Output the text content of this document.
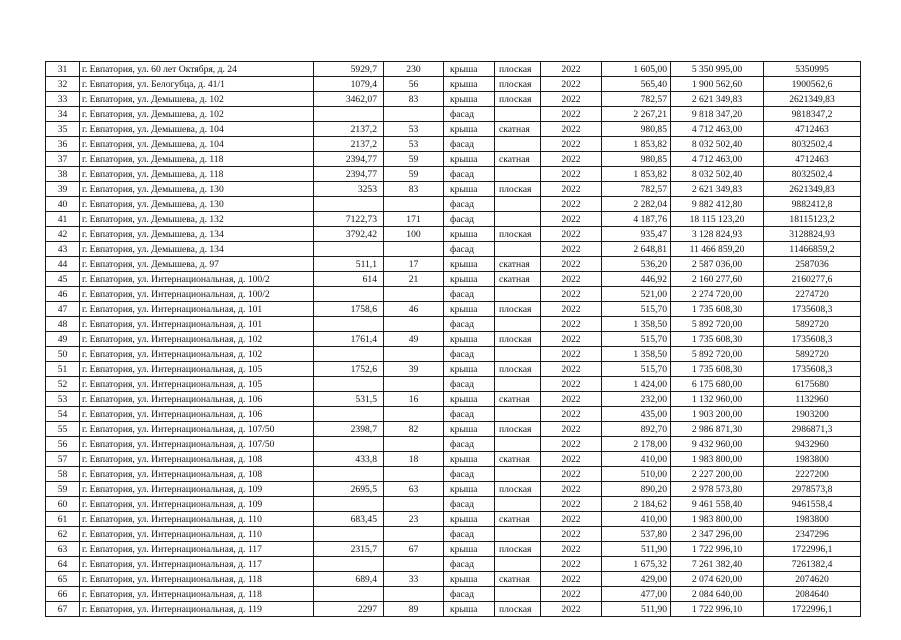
31	г. Евпатория, ул. 60 лет Октября, д. 24	5929,7	230	крыша	плоская	2022	1 605,00	5 350 995,00	5350995
32	г. Евпатория, ул. Белогубца, д. 41/1	1079,4	56	крыша	плоская	2022	565,40	1 900 562,60	1900562,6
33	г. Евпатория, ул. Демышева, д. 102	3462,07	83	крыша	плоская	2022	782,57	2 621 349,83	2621349,83
34	г. Евпатория, ул. Демышева, д. 102			фасад		2022	2 267,21	9 818 347,20	9818347,2
35	г. Евпатория, ул. Демышева, д. 104	2137,2	53	крыша	скатная	2022	980,85	4 712 463,00	4712463
36	г. Евпатория, ул. Демышева, д. 104	2137,2	53	фасад		2022	1 853,82	8 032 502,40	8032502,4
37	г. Евпатория, ул. Демышева, д. 118	2394,77	59	крыша	скатная	2022	980,85	4 712 463,00	4712463
38	г. Евпатория, ул. Демышева, д. 118	2394,77	59	фасад		2022	1 853,82	8 032 502,40	8032502,4
39	г. Евпатория, ул. Демышева, д. 130	3253	83	крыша	плоская	2022	782,57	2 621 349,83	2621349,83
40	г. Евпатория, ул. Демышева, д. 130			фасад		2022	2 282,04	9 882 412,80	9882412,8
41	г. Евпатория, ул. Демышева, д. 132	7122,73	171	фасад		2022	4 187,76	18 115 123,20	18115123,2
42	г. Евпатория, ул. Демышева, д. 134	3792,42	100	крыша	плоская	2022	935,47	3 128 824,93	3128824,93
43	г. Евпатория, ул. Демышева, д. 134			фасад		2022	2 648,81	11 466 859,20	11466859,2
44	г. Евпатория, ул. Демышева, д. 97	511,1	17	крыша	скатная	2022	536,20	2 587 036,00	2587036
45	г. Евпатория, ул. Интернациональная, д. 100/2	614	21	крыша	скатная	2022	446,92	2 160 277,60	2160277,6
46	г. Евпатория, ул. Интернациональная, д. 100/2			фасад		2022	521,00	2 274 720,00	2274720
47	г. Евпатория, ул. Интернациональная, д. 101	1758,6	46	крыша	плоская	2022	515,70	1 735 608,30	1735608,3
48	г. Евпатория, ул. Интернациональная, д. 101			фасад		2022	1 358,50	5 892 720,00	5892720
49	г. Евпатория, ул. Интернациональная, д. 102	1761,4	49	крыша	плоская	2022	515,70	1 735 608,30	1735608,3
50	г. Евпатория, ул. Интернациональная, д. 102			фасад		2022	1 358,50	5 892 720,00	5892720
51	г. Евпатория, ул. Интернациональная, д. 105	1752,6	39	крыша	плоская	2022	515,70	1 735 608,30	1735608,3
52	г. Евпатория, ул. Интернациональная, д. 105			фасад		2022	1 424,00	6 175 680,00	6175680
53	г. Евпатория, ул. Интернациональная, д. 106	531,5	16	крыша	скатная	2022	232,00	1 132 960,00	1132960
54	г. Евпатория, ул. Интернациональная, д. 106			фасад		2022	435,00	1 903 200,00	1903200
55	г. Евпатория, ул. Интернациональная, д. 107/50	2398,7	82	крыша	плоская	2022	892,70	2 986 871,30	2986871,3
56	г. Евпатория, ул. Интернациональная, д. 107/50			фасад		2022	2 178,00	9 432 960,00	9432960
57	г. Евпатория, ул. Интернациональная, д. 108	433,8	18	крыша	скатная	2022	410,00	1 983 800,00	1983800
58	г. Евпатория, ул. Интернациональная, д. 108			фасад		2022	510,00	2 227 200,00	2227200
59	г. Евпатория, ул. Интернациональная, д. 109	2695,5	63	крыша	плоская	2022	890,20	2 978 573,80	2978573,8
60	г. Евпатория, ул. Интернациональная, д. 109			фасад		2022	2 184,62	9 461 558,40	9461558,4
61	г. Евпатория, ул. Интернациональная, д. 110	683,45	23	крыша	скатная	2022	410,00	1 983 800,00	1983800
62	г. Евпатория, ул. Интернациональная, д. 110			фасад		2022	537,80	2 347 296,00	2347296
63	г. Евпатория, ул. Интернациональная, д. 117	2315,7	67	крыша	плоская	2022	511,90	1 722 996,10	1722996,1
64	г. Евпатория, ул. Интернациональная, д. 117			фасад		2022	1 675,32	7 261 382,40	7261382,4
65	г. Евпатория, ул. Интернациональная, д. 118	689,4	33	крыша	скатная	2022	429,00	2 074 620,00	2074620
66	г. Евпатория, ул. Интернациональная, д. 118			фасад		2022	477,00	2 084 640,00	2084640
67	г. Евпатория, ул. Интернациональная, д. 119	2297	89	крыша	плоская	2022	511,90	1 722 996,10	1722996,1
